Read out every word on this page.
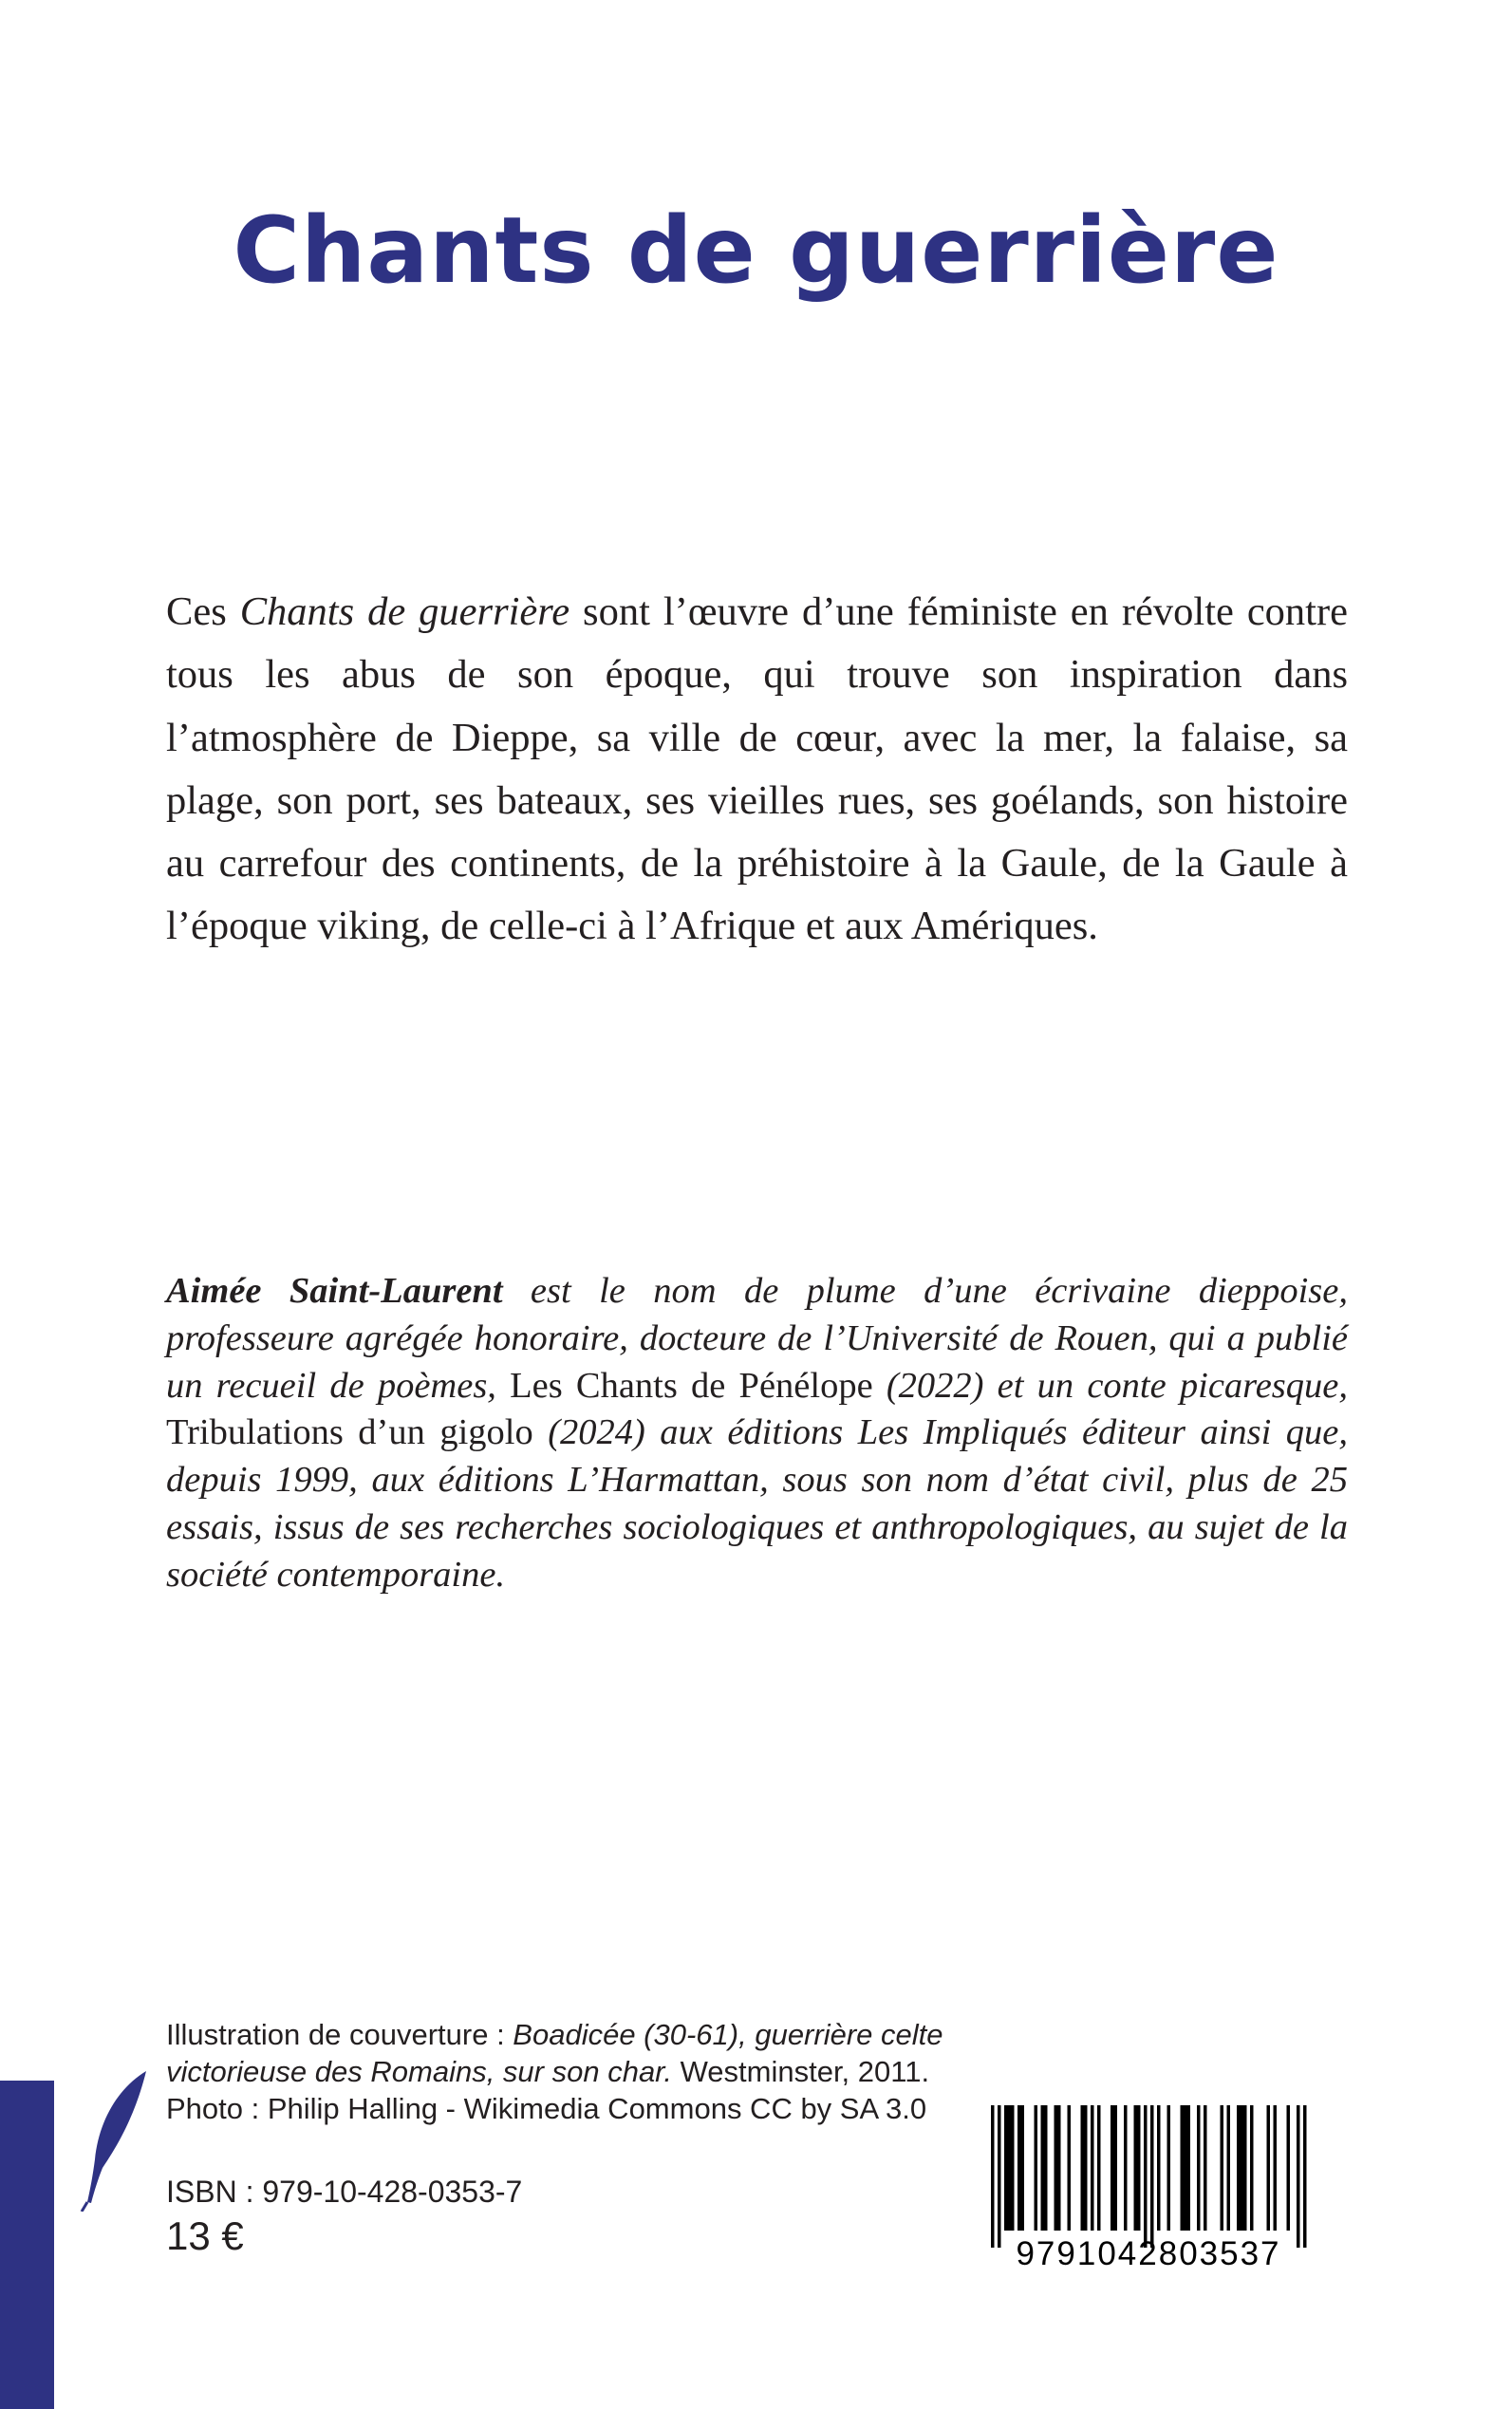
Chants de guerrière

Ces Chants de guerrière sont l’œuvre d’une féministe en révolte contre tous les abus de son époque, qui trouve son inspiration dans l’atmosphère de Dieppe, sa ville de cœur, avec la mer, la falaise, sa plage, son port, ses bateaux, ses vieilles rues, ses goélands, son histoire au carrefour des continents, de la préhistoire à la Gaule, de la Gaule à l’époque viking, de celle-ci à l’Afrique et aux Amériques.

Aimée Saint-Laurent est le nom de plume d’une écrivaine dieppoise, professeure agrégée honoraire, docteure de l’Université de Rouen, qui a publié un recueil de poèmes, Les Chants de Pénélope (2022) et un conte picaresque, Tribulations d’un gigolo (2024) aux éditions Les Impliqués éditeur ainsi que, depuis 1999, aux éditions L’Harmattan, sous son nom d’état civil, plus de 25 essais, issus de ses recherches sociologiques et anthropologiques, au sujet de la société contemporaine.

Illustration de couverture : Boadicée (30-61), guerrière celte victorieuse des Romains, sur son char. Westminster, 2011. Photo : Philip Halling - Wikimedia Commons CC by SA 3.0

ISBN : 979-10-428-0353-7
13 €	9791042803537
